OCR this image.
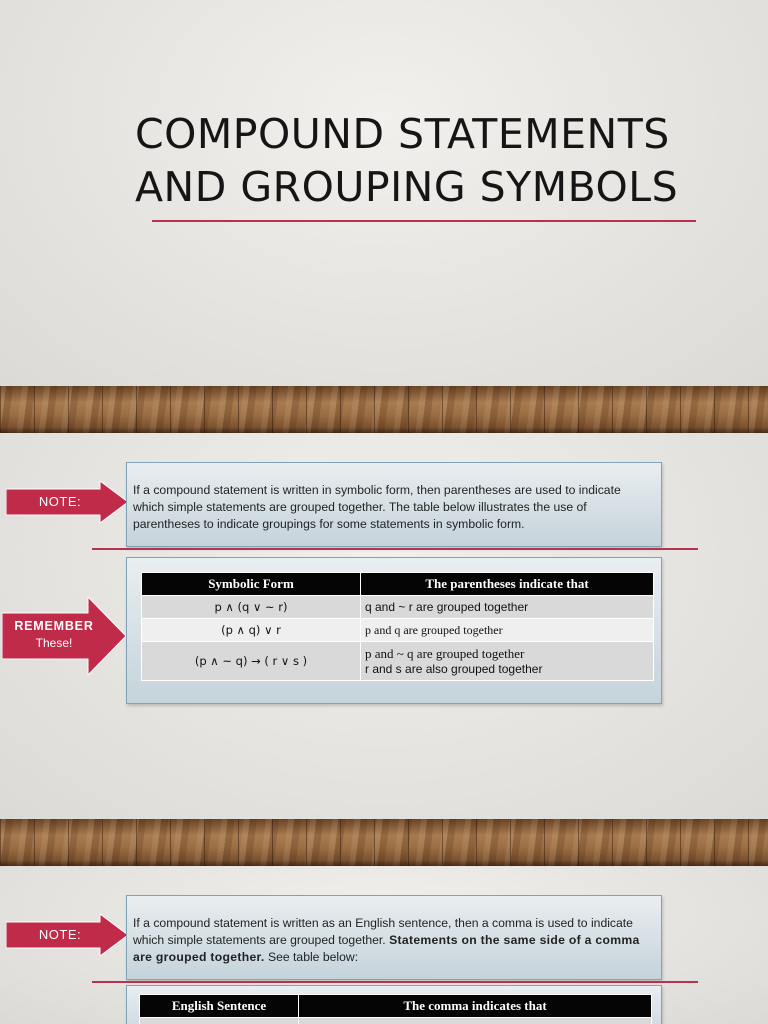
COMPOUND STATEMENTS
AND GROUPING SYMBOLS
NOTE:
If a compound statement is written in symbolic form, then parentheses are used to indicate which simple statements are grouped together. The table below illustrates the use of parentheses to indicate groupings for some statements in symbolic form.
REMEMBER
These!
Symbolic Form	The parentheses indicate that
p ∧ (q ∨ ~ r)	q and ~ r are grouped together
(p ∧ q) ∨ r	p and q are grouped together
(p ∧ ~ q) → ( r ∨ s )	p and ~ q are grouped together
r and s are also grouped together
NOTE:
If a compound statement is written as an English sentence, then a comma is used to indicate which simple statements are grouped together. Statements on the same side of a comma are grouped together. See table below:
English Sentence	The comma indicates that
